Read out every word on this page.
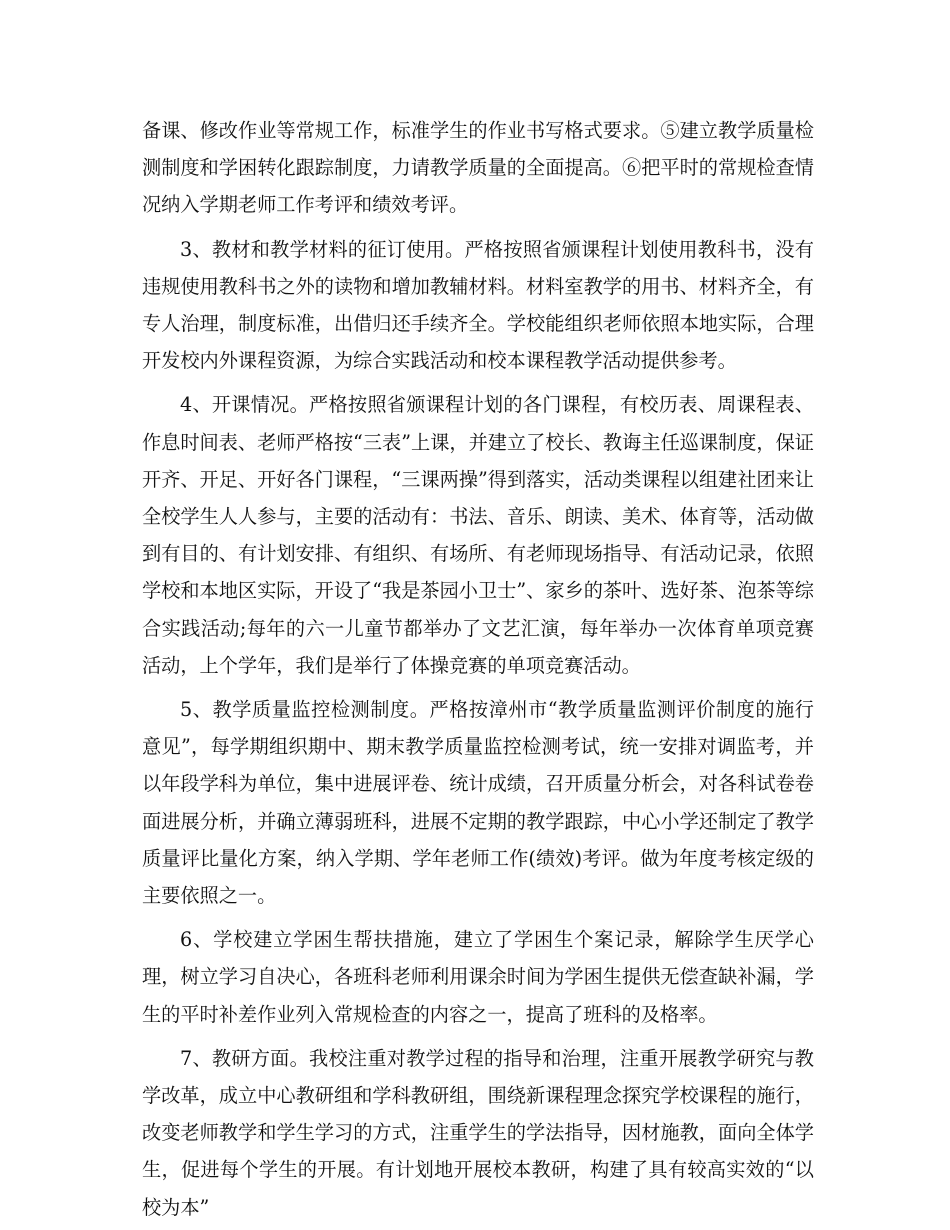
备课、修改作业等常规工作，标准学生的作业书写格式要求。⑤建立教学质量检测制度和学困转化跟踪制度，力请教学质量的全面提高。⑥把平时的常规检查情况纳入学期老师工作考评和绩效考评。

3、教材和教学材料的征订使用。严格按照省颁课程计划使用教科书，没有违规使用教科书之外的读物和增加教辅材料。材料室教学的用书、材料齐全，有专人治理，制度标准，出借归还手续齐全。学校能组织老师依照本地实际，合理开发校内外课程资源，为综合实践活动和校本课程教学活动提供参考。

4、开课情况。严格按照省颁课程计划的各门课程，有校历表、周课程表、作息时间表、老师严格按“三表”上课，并建立了校长、教诲主任巡课制度，保证开齐、开足、开好各门课程，“三课两操”得到落实，活动类课程以组建社团来让全校学生人人参与，主要的活动有：书法、音乐、朗读、美术、体育等，活动做到有目的、有计划安排、有组织、有场所、有老师现场指导、有活动记录，依照学校和本地区实际，开设了“我是茶园小卫士”、家乡的茶叶、选好茶、泡茶等综合实践活动;每年的六一儿童节都举办了文艺汇演，每年举办一次体育单项竞赛活动，上个学年，我们是举行了体操竞赛的单项竞赛活动。

5、教学质量监控检测制度。严格按漳州市“教学质量监测评价制度的施行意见”，每学期组织期中、期末教学质量监控检测考试，统一安排对调监考，并以年段学科为单位，集中进展评卷、统计成绩，召开质量分析会，对各科试卷卷面进展分析，并确立薄弱班科，进展不定期的教学跟踪，中心小学还制定了教学质量评比量化方案，纳入学期、学年老师工作(绩效)考评。做为年度考核定级的主要依照之一。

6、学校建立学困生帮扶措施，建立了学困生个案记录，解除学生厌学心理，树立学习自决心，各班科老师利用课余时间为学困生提供无偿查缺补漏，学生的平时补差作业列入常规检查的内容之一，提高了班科的及格率。

7、教研方面。我校注重对教学过程的指导和治理，注重开展教学研究与教学改革，成立中心教研组和学科教研组，围绕新课程理念探究学校课程的施行，改变老师教学和学生学习的方式，注重学生的学法指导，因材施教，面向全体学生，促进每个学生的开展。有计划地开展校本教研，构建了具有较高实效的“以校为本”
